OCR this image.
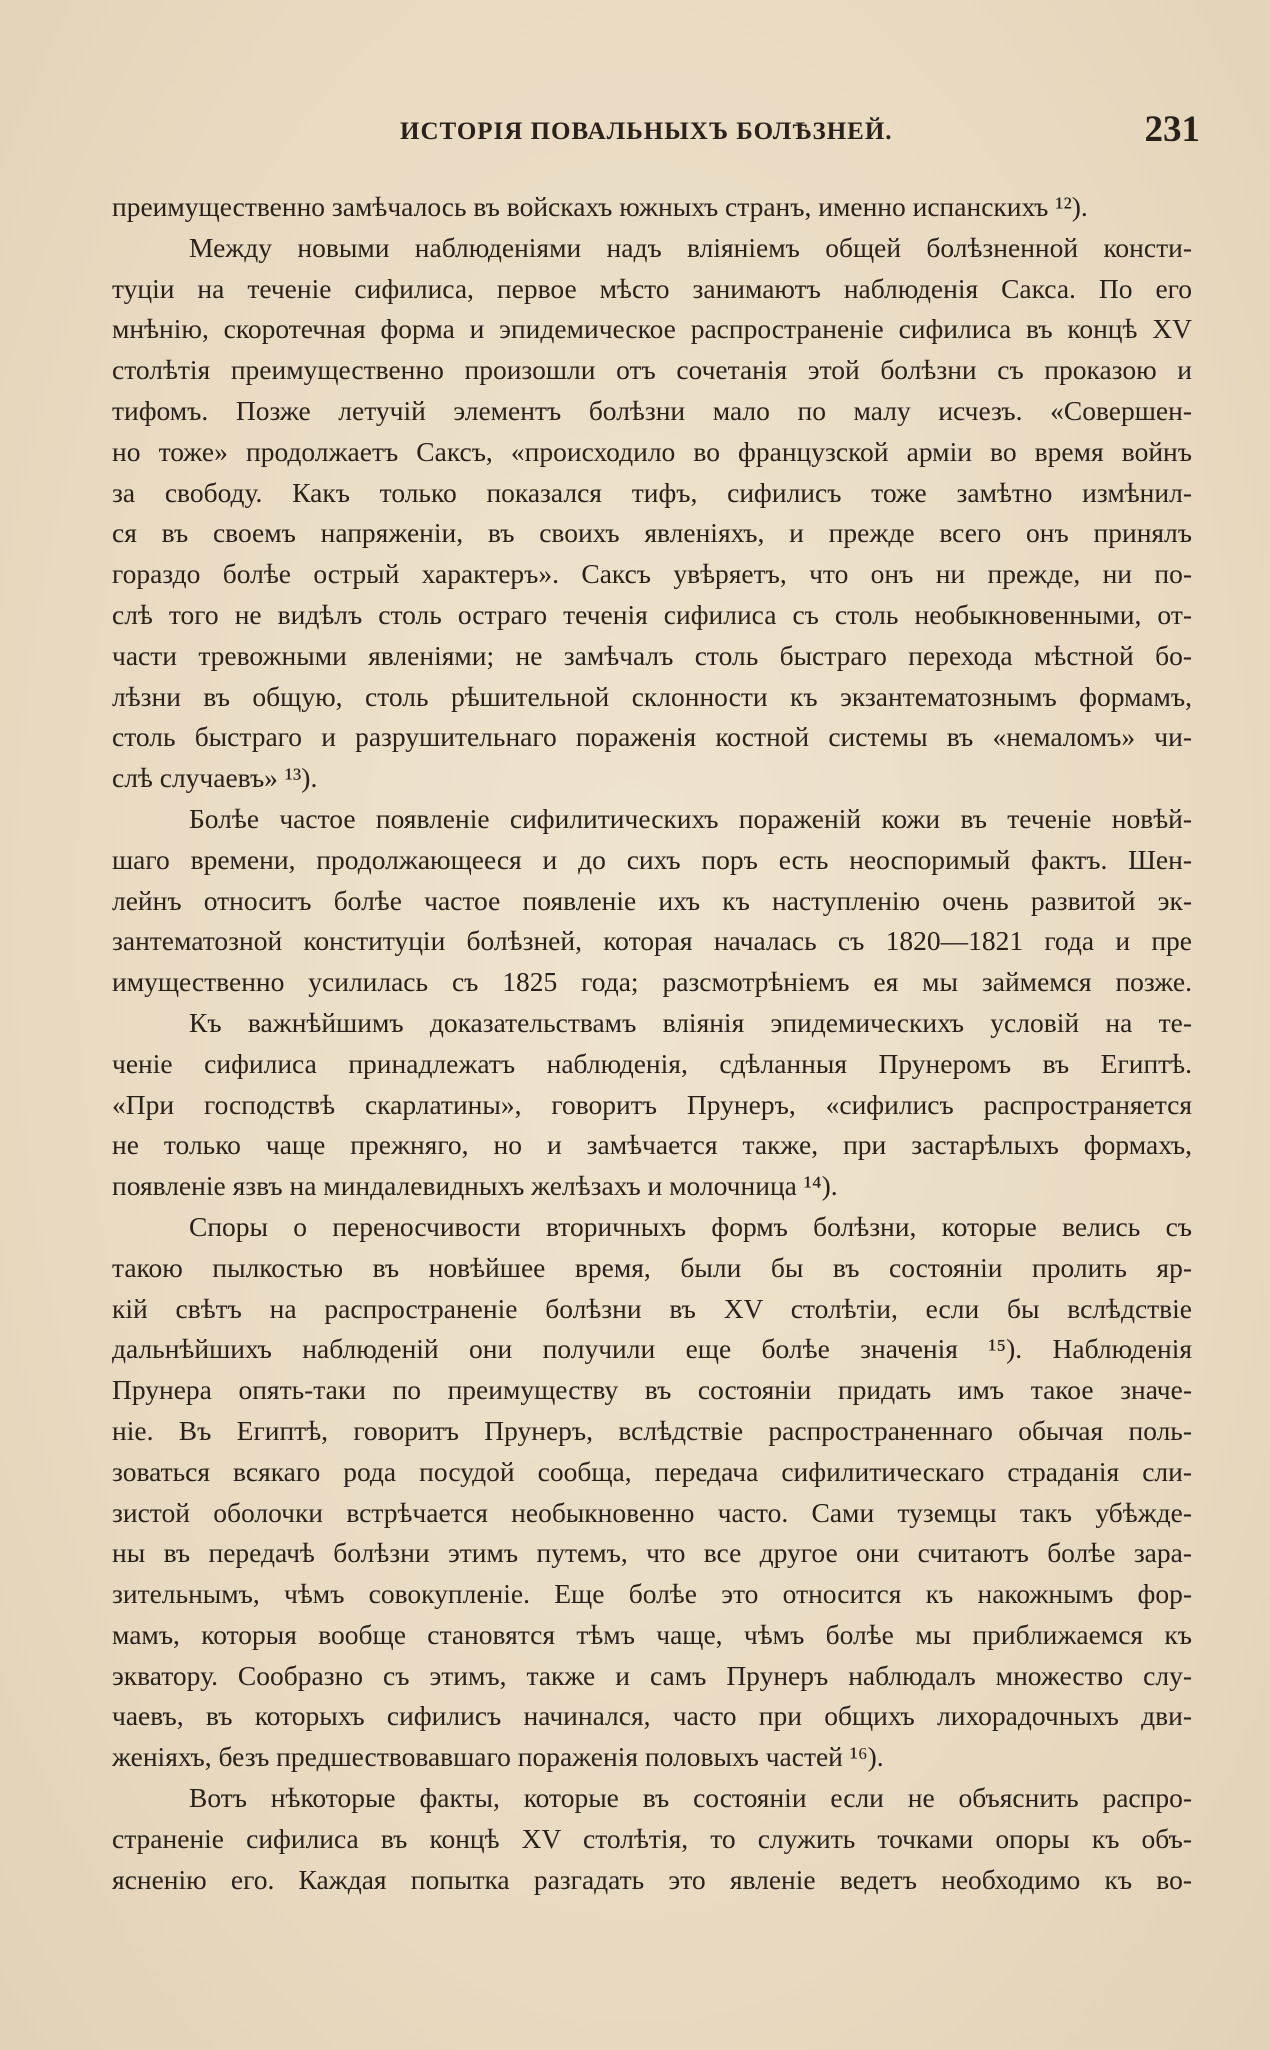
ИСТОРІЯ ПОВАЛЬНЫХЪ БОЛѢЗНЕЙ.	231
преимущественно замѣчалось въ войскахъ южныхъ странъ, именно испанскихъ ¹²).
Между новыми наблюденіями надъ вліяніемъ общей болѣзненной консти-
туціи на теченіе сифилиса, первое мѣсто занимаютъ наблюденія Сакса. По его
мнѣнію, скоротечная форма и эпидемическое распространеніе сифилиса въ концѣ XV
столѣтія преимущественно произошли отъ сочетанія этой болѣзни съ проказою и
тифомъ. Позже летучій элементъ болѣзни мало по малу исчезъ. «Совершен-
но тоже» продолжаетъ Саксъ, «происходило во французской арміи во время войнъ
за свободу. Какъ только показался тифъ, сифилисъ тоже замѣтно измѣнил-
ся въ своемъ напряженіи, въ своихъ явленіяхъ, и прежде всего онъ принялъ
гораздо болѣе острый характеръ». Саксъ увѣряетъ, что онъ ни прежде, ни по-
слѣ того не видѣлъ столь остраго теченія сифилиса съ столь необыкновенными, от-
части тревожными явленіями; не замѣчалъ столь быстраго перехода мѣстной бо-
лѣзни въ общую, столь рѣшительной склонности къ экзантематознымъ формамъ,
столь быстраго и разрушительнаго пораженія костной системы въ «немаломъ» чи-
слѣ случаевъ» ¹³).
Болѣе частое появленіе сифилитическихъ пораженій кожи въ теченіе новѣй-
шаго времени, продолжающееся и до сихъ поръ есть неоспоримый фактъ. Шен-
лейнъ относитъ болѣе частое появленіе ихъ къ наступленію очень развитой эк-
зантематозной конституціи болѣзней, которая началась съ 1820—1821 года и пре
имущественно усилилась съ 1825 года; разсмотрѣніемъ ея мы займемся позже.
Къ важнѣйшимъ доказательствамъ вліянія эпидемическихъ условій на те-
ченіе сифилиса принадлежатъ наблюденія, сдѣланныя Прунеромъ въ Египтѣ.
«При господствѣ скарлатины», говоритъ Прунеръ, «сифилисъ распространяется
не только чаще прежняго, но и замѣчается также, при застарѣлыхъ формахъ,
появленіе язвъ на миндалевидныхъ желѣзахъ и молочница ¹⁴).
Споры о переносчивости вторичныхъ формъ болѣзни, которые велись съ
такою пылкостью въ новѣйшее время, были бы въ состояніи пролить яр-
кій свѣтъ на распространеніе болѣзни въ XV столѣтіи, если бы вслѣдствіе
дальнѣйшихъ наблюденій они получили еще болѣе значенія ¹⁵). Наблюденія
Прунера опять-таки по преимуществу въ состояніи придать имъ такое значе-
ніе. Въ Египтѣ, говоритъ Прунеръ, вслѣдствіе распространеннаго обычая поль-
зоваться всякаго рода посудой сообща, передача сифилитическаго страданія сли-
зистой оболочки встрѣчается необыкновенно часто. Сами туземцы такъ убѣжде-
ны въ передачѣ болѣзни этимъ путемъ, что все другое они считаютъ болѣе зара-
зительнымъ, чѣмъ совокупленіе. Еще болѣе это относится къ накожнымъ фор-
мамъ, которыя вообще становятся тѣмъ чаще, чѣмъ болѣе мы приближаемся къ
экватору. Сообразно съ этимъ, также и самъ Прунеръ наблюдалъ множество слу-
чаевъ, въ которыхъ сифилисъ начинался, часто при общихъ лихорадочныхъ дви-
женіяхъ, безъ предшествовавшаго пораженія половыхъ частей ¹⁶).
Вотъ нѣкоторые факты, которые въ состояніи если не объяснить распро-
страненіе сифилиса въ концѣ XV столѣтія, то служить точками опоры къ объ-
ясненію его. Каждая попытка разгадать это явленіе ведетъ необходимо къ во-
